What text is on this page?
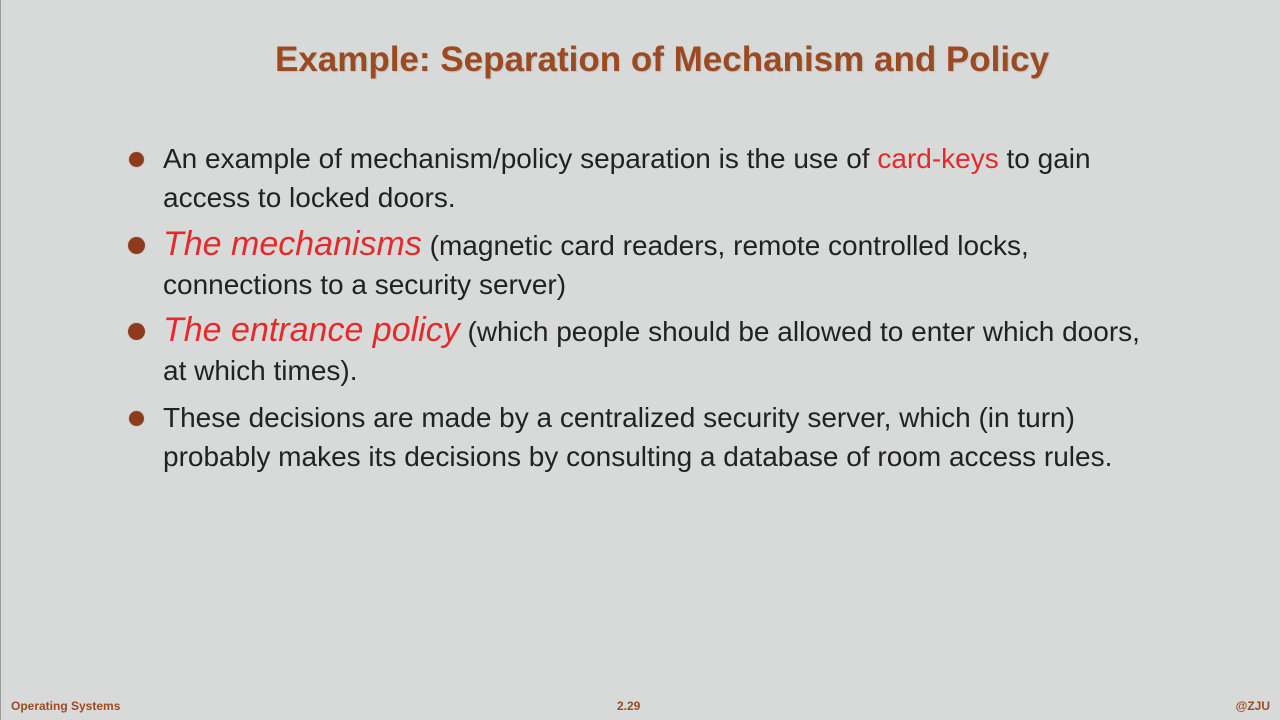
Example: Separation of Mechanism and Policy
An example of mechanism/policy separation is the use of card-keys to gain access to locked doors.
The mechanisms (magnetic card readers, remote controlled locks, connections to a security server)
The entrance policy (which people should be allowed to enter which doors, at which times).
These decisions are made by a centralized security server, which (in turn) probably makes its decisions by consulting a database of room access rules.
Operating Systems	2.29	@ZJU
